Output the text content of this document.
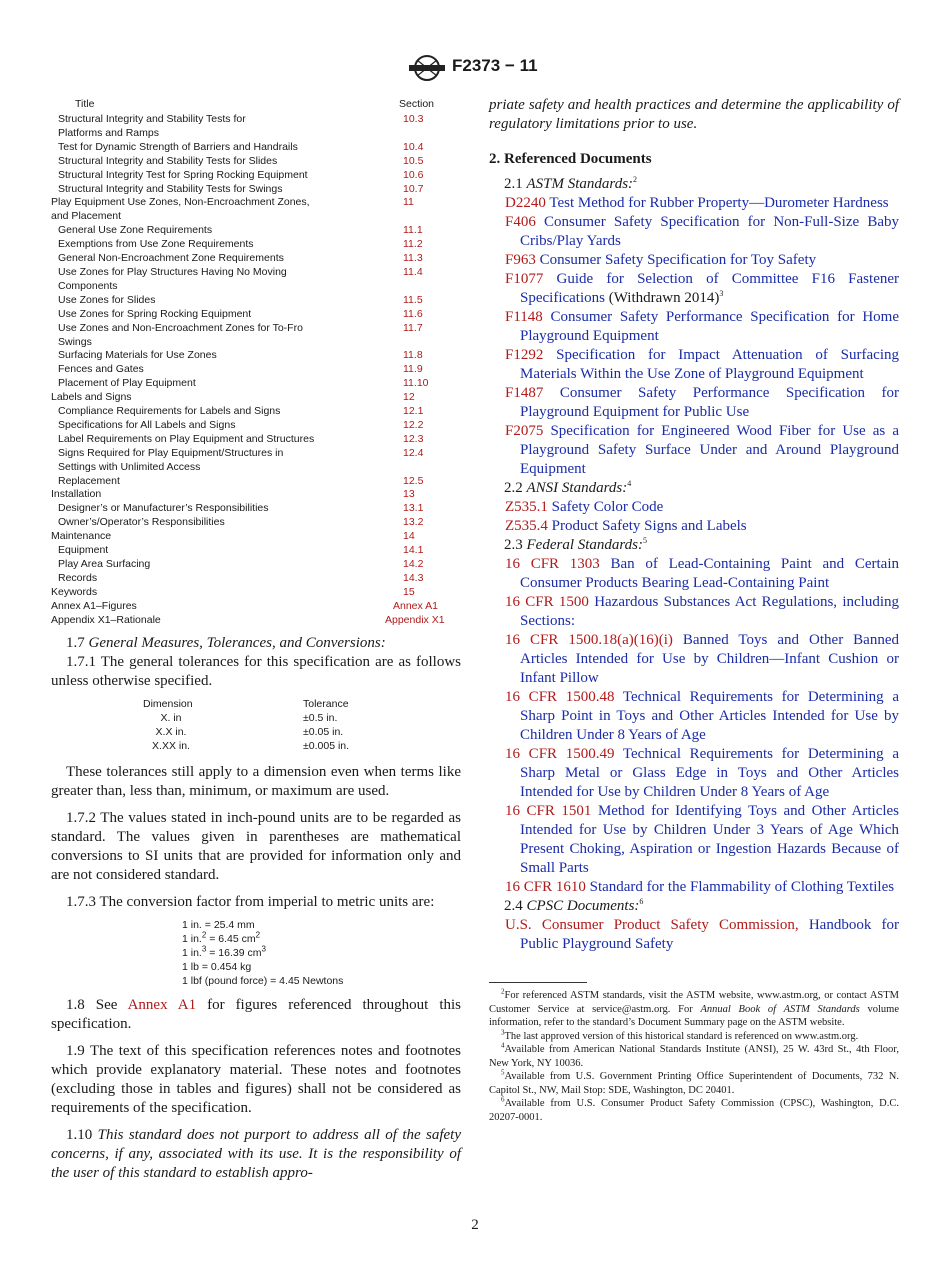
F2373 − 11
Title	Section
Structural Integrity and Stability Tests for
Platforms and Ramps
10.3
Test for Dynamic Strength of Barriers and Handrails	10.4
Structural Integrity and Stability Tests for Slides	10.5
Structural Integrity Test for Spring Rocking Equipment	10.6
Structural Integrity and Stability Tests for Swings	10.7
Play Equipment Use Zones, Non-Encroachment Zones,
and Placement
11
General Use Zone Requirements	11.1
Exemptions from Use Zone Requirements	11.2
General Non-Encroachment Zone Requirements	11.3
Use Zones for Play Structures Having No Moving
Components
11.4
Use Zones for Slides	11.5
Use Zones for Spring Rocking Equipment	11.6
Use Zones and Non-Encroachment Zones for To-Fro
Swings
11.7
Surfacing Materials for Use Zones	11.8
Fences and Gates	11.9
Placement of Play Equipment	11.10
Labels and Signs	12
Compliance Requirements for Labels and Signs	12.1
Specifications for All Labels and Signs	12.2
Label Requirements on Play Equipment and Structures	12.3
Signs Required for Play Equipment/Structures in
Settings with Unlimited Access
12.4
Replacement	12.5
Installation	13
Designer’s or Manufacturer’s Responsibilities	13.1
Owner’s/Operator’s Responsibilities	13.2
Maintenance	14
Equipment	14.1
Play Area Surfacing	14.2
Records	14.3
Keywords	15
Annex A1–Figures	Annex A1
Appendix X1–Rationale	Appendix X1

1.7 General Measures, Tolerances, and Conversions:

1.7.1 The general tolerances for this specification are as follows unless otherwise specified.

Dimension	Tolerance
X. in	±0.5 in.
X.X in.	±0.05 in.
X.XX in.	±0.005 in.

These tolerances still apply to a dimension even when terms like greater than, less than, minimum, or maximum are used.

1.7.2 The values stated in inch-pound units are to be regarded as standard. The values given in parentheses are mathematical conversions to SI units that are provided for information only and are not considered standard.

1.7.3 The conversion factor from imperial to metric units are:

1 in. = 25.4 mm
1 in.$^2$ = 6.45 $cm^2$
1 in.$^3$ = 16.39 $cm^3$
1 lb = 0.454 kg
1 lbf (pound force) = 4.45 Newtons

1.8 See Annex A1 for figures referenced throughout this specification.

1.9 The text of this specification references notes and footnotes which provide explanatory material. These notes and footnotes (excluding those in tables and figures) shall not be considered as requirements of the specification.

1.10 This standard does not purport to address all of the safety concerns, if any, associated with its use. It is the responsibility of the user of this standard to establish appro-

priate safety and health practices and determine the applicability of regulatory limitations prior to use.

2. Referenced Documents

2.1 ASTM Standards:$^2$

D2240 Test Method for Rubber Property—Durometer Hardness

F406 Consumer Safety Specification for Non-Full-Size Baby Cribs/Play Yards

F963 Consumer Safety Specification for Toy Safety

F1077 Guide for Selection of Committee F16 Fastener Specifications (Withdrawn 2014)$^3$

F1148 Consumer Safety Performance Specification for Home Playground Equipment

F1292 Specification for Impact Attenuation of Surfacing Materials Within the Use Zone of Playground Equipment

F1487 Consumer Safety Performance Specification for Playground Equipment for Public Use

F2075 Specification for Engineered Wood Fiber for Use as a Playground Safety Surface Under and Around Playground Equipment

2.2 ANSI Standards:$^4$

Z535.1 Safety Color Code

Z535.4 Product Safety Signs and Labels

2.3 Federal Standards:$^5$

16 CFR 1303 Ban of Lead-Containing Paint and Certain Consumer Products Bearing Lead-Containing Paint

16 CFR 1500 Hazardous Substances Act Regulations, including Sections:

16 CFR 1500.18(a)(16)(i) Banned Toys and Other Banned Articles Intended for Use by Children—Infant Cushion or Infant Pillow

16 CFR 1500.48 Technical Requirements for Determining a Sharp Point in Toys and Other Articles Intended for Use by Children Under 8 Years of Age

16 CFR 1500.49 Technical Requirements for Determining a Sharp Metal or Glass Edge in Toys and Other Articles Intended for Use by Children Under 8 Years of Age

16 CFR 1501 Method for Identifying Toys and Other Articles Intended for Use by Children Under 3 Years of Age Which Present Choking, Aspiration or Ingestion Hazards Because of Small Parts

16 CFR 1610 Standard for the Flammability of Clothing Textiles

2.4 CPSC Documents:$^6$

U.S. Consumer Product Safety Commission, Handbook for Public Playground Safety

$^2$For referenced ASTM standards, visit the ASTM website, www.astm.org, or contact ASTM Customer Service at service@astm.org. For Annual Book of ASTM Standards volume information, refer to the standard’s Document Summary page on the ASTM website.

$^3$The last approved version of this historical standard is referenced on www.astm.org.

$^4$Available from American National Standards Institute (ANSI), 25 W. 43rd St., 4th Floor, New York, NY 10036.

$^5$Available from U.S. Government Printing Office Superintendent of Documents, 732 N. Capitol St., NW, Mail Stop: SDE, Washington, DC 20401.

$^6$Available from U.S. Consumer Product Safety Commission (CPSC), Washington, D.C. 20207-0001.

2
